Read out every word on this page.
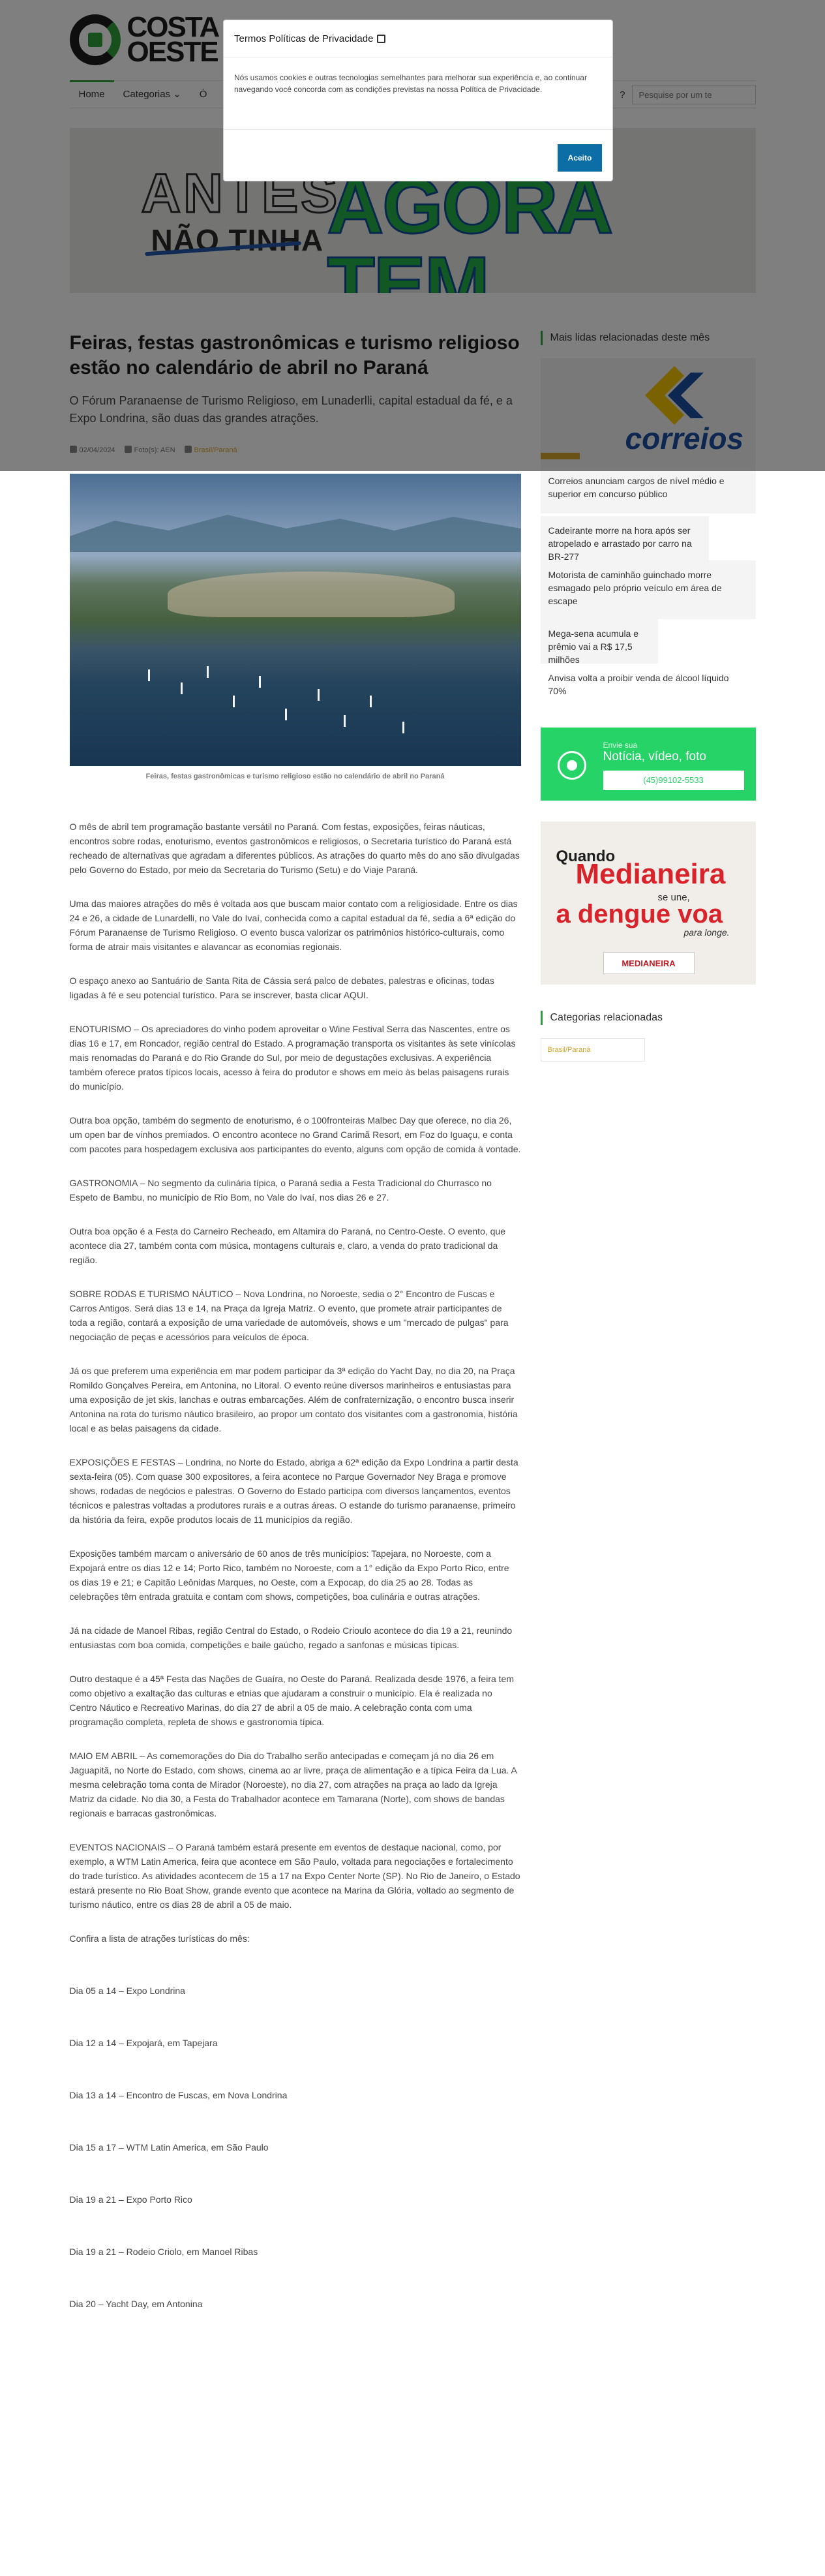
Pesquise por um te
Feiras, festas gastronômicas e turismo religioso estão no calendário de abril no Paraná

O mês de abril tem programação bastante versátil no Paraná. Com festas, exposições, feiras náuticas, encontros sobre rodas, enoturismo, eventos gastronômicos e religiosos, o Secretaria turístico do Paraná está recheado de alternativas que agradam a diferentes públicos. As atrações do quarto mês do ano são divulgadas pelo Governo do Estado, por meio da Secretaria do Turismo (Setu) e do Viaje Paraná.

Uma das maiores atrações do mês é voltada aos que buscam maior contato com a religiosidade. Entre os dias 24 e 26, a cidade de Lunardelli, no Vale do Ivaí, conhecida como a capital estadual da fé, sedia a 6ª edição do Fórum Paranaense de Turismo Religioso. O evento busca valorizar os patrimônios histórico-culturais, como forma de atrair mais visitantes e alavancar as economias regionais.

O espaço anexo ao Santuário de Santa Rita de Cássia será palco de debates, palestras e oficinas, todas ligadas à fé e seu potencial turístico. Para se inscrever, basta clicar AQUI.

ENOTURISMO – Os apreciadores do vinho podem aproveitar o Wine Festival Serra das Nascentes, entre os dias 16 e 17, em Roncador, região central do Estado. A programação transporta os visitantes às sete vinícolas mais renomadas do Paraná e do Rio Grande do Sul, por meio de degustações exclusivas. A experiência também oferece pratos típicos locais, acesso à feira do produtor e shows em meio às belas paisagens rurais do município.

Outra boa opção, também do segmento de enoturismo, é o 100fronteiras Malbec Day que oferece, no dia 26, um open bar de vinhos premiados. O encontro acontece no Grand Carimã Resort, em Foz do Iguaçu, e conta com pacotes para hospedagem exclusiva aos participantes do evento, alguns com opção de comida à vontade.

GASTRONOMIA – No segmento da culinária típica, o Paraná sedia a Festa Tradicional do Churrasco no Espeto de Bambu, no município de Rio Bom, no Vale do Ivaí, nos dias 26 e 27.

Outra boa opção é a Festa do Carneiro Recheado, em Altamira do Paraná, no Centro-Oeste. O evento, que acontece dia 27, também conta com música, montagens culturais e, claro, a venda do prato tradicional da região.

SOBRE RODAS E TURISMO NÁUTICO – Nova Londrina, no Noroeste, sedia o 2° Encontro de Fuscas e Carros Antigos. Será dias 13 e 14, na Praça da Igreja Matriz. O evento, que promete atrair participantes de toda a região, contará a exposição de uma variedade de automóveis, shows e um "mercado de pulgas" para negociação de peças e acessórios para veículos de época.

Já os que preferem uma experiência em mar podem participar da 3ª edição do Yacht Day, no dia 20, na Praça Romildo Gonçalves Pereira, em Antonina, no Litoral. O evento reúne diversos marinheiros e entusiastas para uma exposição de jet skis, lanchas e outras embarcações. Além de confraternização, o encontro busca inserir Antonina na rota do turismo náutico brasileiro, ao propor um contato dos visitantes com a gastronomia, história local e as belas paisagens da cidade.

EXPOSIÇÕES E FESTAS – Londrina, no Norte do Estado, abriga a 62ª edição da Expo Londrina a partir desta sexta-feira (05). Com quase 300 expositores, a feira acontece no Parque Governador Ney Braga e promove shows, rodadas de negócios e palestras. O Governo do Estado participa com diversos lançamentos, eventos técnicos e palestras voltadas a produtores rurais e a outras áreas. O estande do turismo paranaense, primeiro da história da feira, expõe produtos locais de 11 municípios da região.

Exposições também marcam o aniversário de 60 anos de três municípios: Tapejara, no Noroeste, com a Expojará entre os dias 12 e 14; Porto Rico, também no Noroeste, com a 1° edição da Expo Porto Rico, entre os dias 19 e 21; e Capitão Leônidas Marques, no Oeste, com a Expocap, do dia 25 ao 28. Todas as celebrações têm entrada gratuita e contam com shows, competições, boa culinária e outras atrações.

Já na cidade de Manoel Ribas, região Central do Estado, o Rodeio Crioulo acontece do dia 19 a 21, reunindo entusiastas com boa comida, competições e baile gaúcho, regado a sanfonas e músicas típicas.

Outro destaque é a 45ª Festa das Nações de Guaíra, no Oeste do Paraná. Realizada desde 1976, a feira tem como objetivo a exaltação das culturas e etnias que ajudaram a construir o município. Ela é realizada no Centro Náutico e Recreativo Marinas, do dia 27 de abril a 05 de maio. A celebração conta com uma programação completa, repleta de shows e gastronomia típica.

MAIO EM ABRIL – As comemorações do Dia do Trabalho serão antecipadas e começam já no dia 26 em Jaguapitã, no Norte do Estado, com shows, cinema ao ar livre, praça de alimentação e a típica Feira da Lua. A mesma celebração toma conta de Mirador (Noroeste), no dia 27, com atrações na praça ao lado da Igreja Matriz da cidade. No dia 30, a Festa do Trabalhador acontece em Tamarana (Norte), com shows de bandas regionais e barracas gastronômicas.

EVENTOS NACIONAIS – O Paraná também estará presente em eventos de destaque nacional, como, por exemplo, a WTM Latin America, feira que acontece em São Paulo, voltada para negociações e fortalecimento do trade turístico. As atividades acontecem de 15 a 17 na Expo Center Norte (SP). No Rio de Janeiro, o Estado estará presente no Rio Boat Show, grande evento que acontece na Marina da Glória, voltado ao segmento de turismo náutico, entre os dias 28 de abril a 05 de maio.

Confira a lista de atrações turísticas do mês:

Dia 05 a 14 – Expo Londrina

Dia 12 a 14 – Expojará, em Tapejara

Dia 13 a 14 – Encontro de Fuscas, em Nova Londrina

Dia 15 a 17 – WTM Latin America, em São Paulo

Dia 19 a 21 – Expo Porto Rico

Dia 19 a 21 – Rodeio Criolo, em Manoel Ribas

Dia 20 – Yacht Day, em Antonina

Correios anunciam cargos de nível médio e superior em concurso público
Cadeirante morre na hora após ser atropelado e arrastado por carro na BR-277
Motorista de caminhão guinchado morre esmagado pelo próprio veículo em área de escape
Mega-sena acumula e prêmio vai a R$ 17,5 milhões
Anvisa volta a proibir venda de álcool líquido 70%
Envie sua
Notícia, vídeo, foto
(45)99102-5533
Quando
Medianeira
se une,
a dengue voa
para longe.
MEDIANEIRA
Categorias relacionadas
Brasil/Paraná
Termos Políticas de Privacidade
Nós usamos cookies e outras tecnologias semelhantes para melhorar sua experiência e, ao continuar navegando você concorda com as condições previstas na nossa Política de Privacidade.
Aceito
